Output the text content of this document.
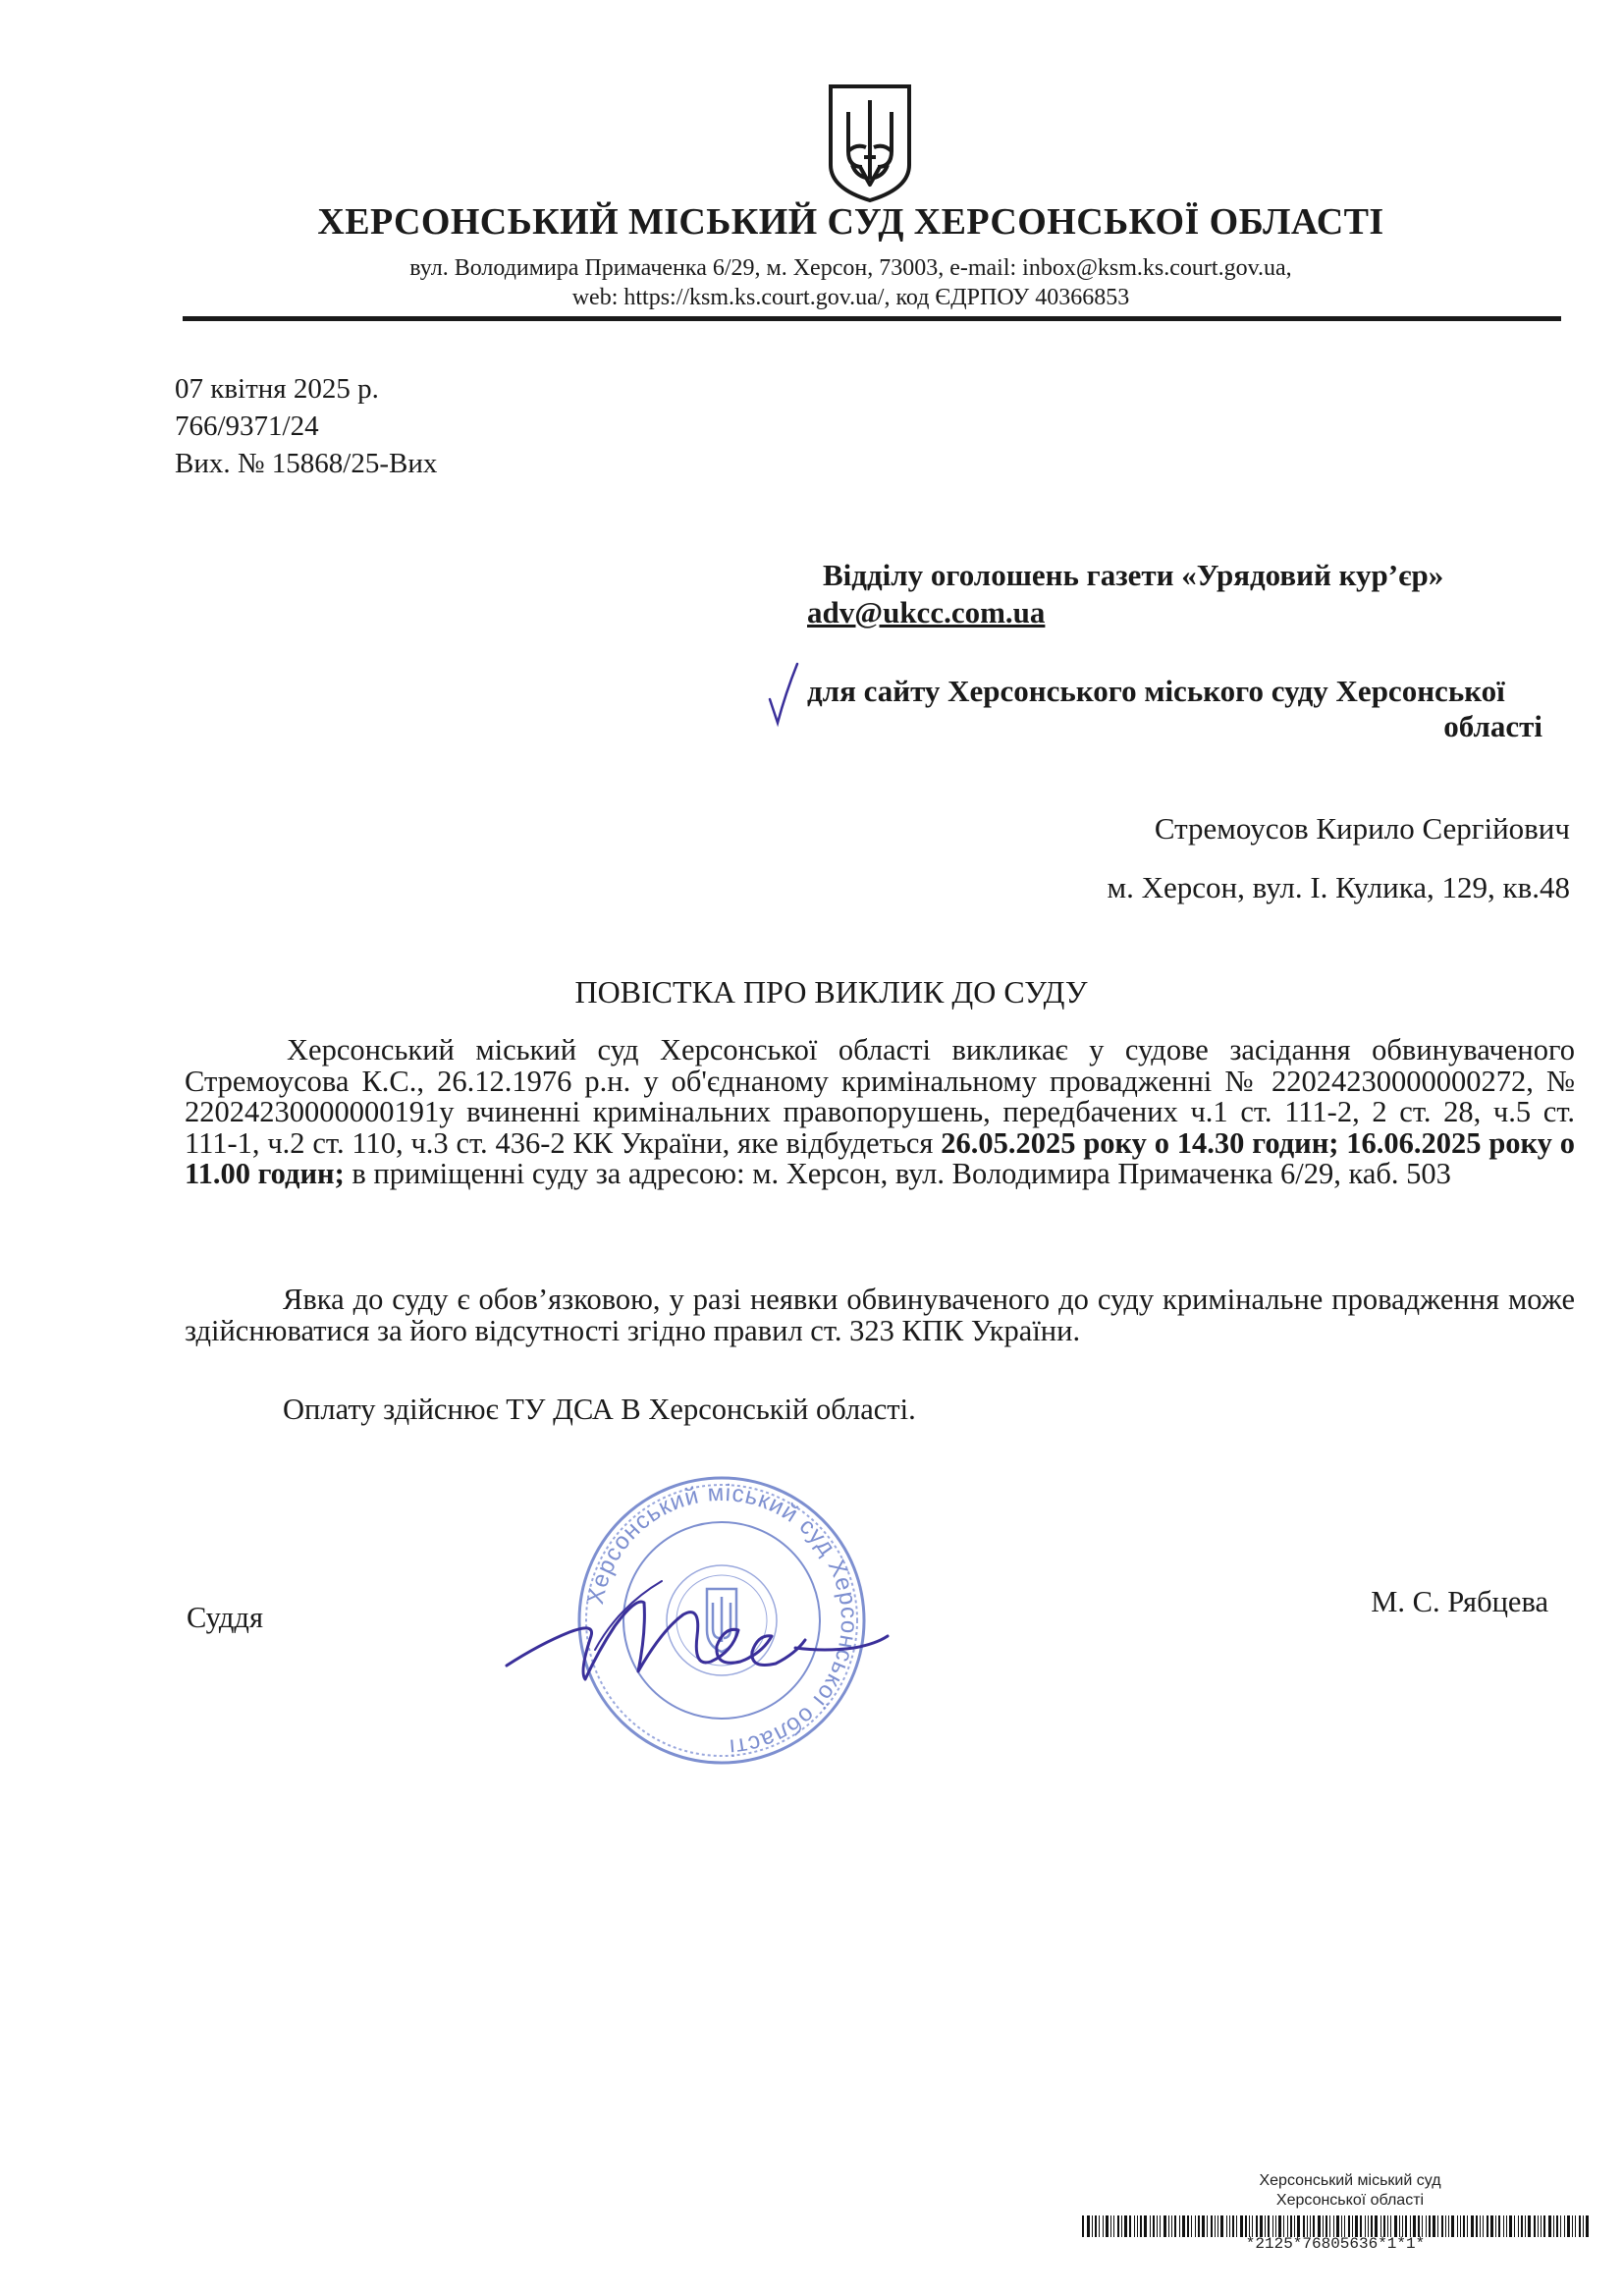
ХЕРСОНСЬКИЙ МІСЬКИЙ СУД ХЕРСОНСЬКОЇ ОБЛАСТІ
вул. Володимира Примаченка 6/29, м. Херсон, 73003, e-mail: inbox@ksm.ks.court.gov.ua,
web: https://ksm.ks.court.gov.ua/, код ЄДРПОУ 40366853
07 квітня 2025 р.
766/9371/24
Вих. № 15868/25-Вих
Відділу оголошень газети «Урядовий кур’єр»
adv@ukcc.com.ua
для сайту Херсонського міського суду Херсонської
області
Стремоусов Кирило Сергійович
м. Херсон, вул. І. Кулика, 129, кв.48
ПОВІСТКА ПРО ВИКЛИК ДО СУДУ
Херсонський міський суд Херсонської області викликає у судове засідання обвинуваченого Стремоусова К.С., 26.12.1976 р.н. у об'єднаному кримінальному провадженні № 22024230000000272, № 22024230000000191у вчиненні кримінальних правопорушень, передбачених ч.1 ст. 111-2, 2 ст. 28, ч.5 ст. 111-1, ч.2 ст. 110, ч.3 ст. 436-2 КК України, яке відбудеться 26.05.2025 року о 14.30 годин; 16.06.2025 року о 11.00 годин; в приміщенні суду за адресою: м. Херсон, вул. Володимира Примаченка 6/29, каб. 503
Явка до суду є обов’язковою, у разі неявки обвинуваченого до суду кримінальне провадження може здійснюватися за його відсутності згідно правил ст. 323 КПК України.
Оплату здійснює ТУ ДСА В Херсонській області.
Херсонський міський суд Херсонської області
Суддя	М. С. Рябцева
Херсонський міський суд
Херсонської області
*2125*76805636*1*1*
